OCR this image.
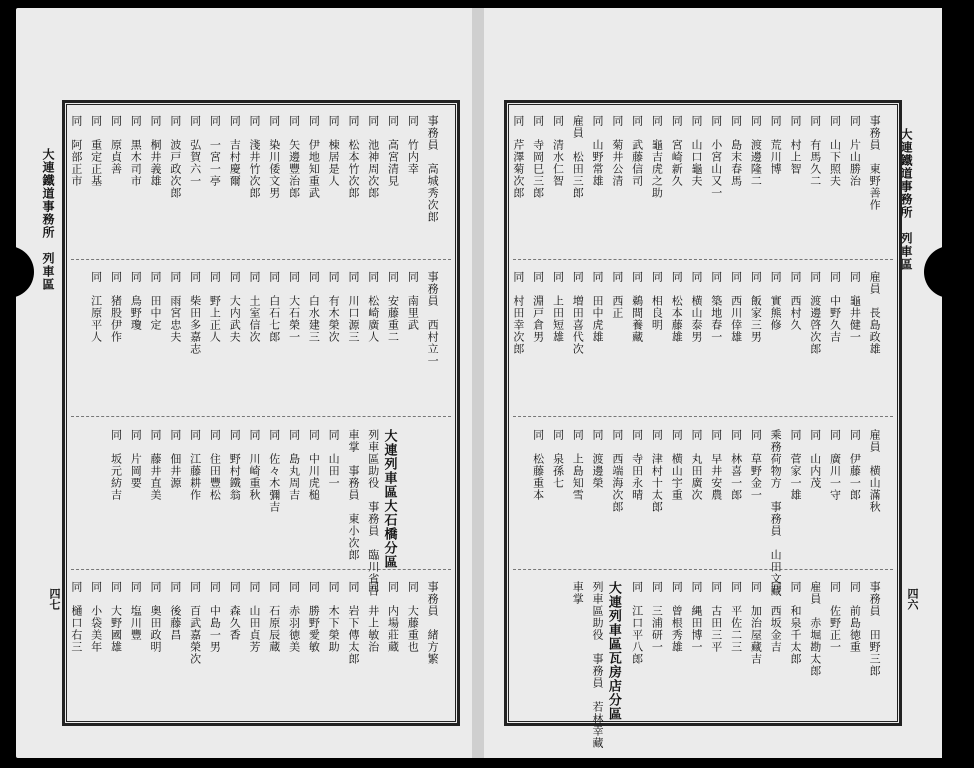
大連鐵道事務所　列車區
四七
事務員　高城秀次郎
事務員　西村立一
事務員　緒方繁
同　竹内幸
同　南里武
同　大藤重也
同　高宮清見
同　安藤重二
大連列車區大石橋分區
同　内場莊蔵
同　池神周次郎
同　松崎廣人
列車區助役　事務員　臨川省吾
同　井上敏治
同　松本竹次郎
同　川口源三
車掌　事務員　東小次郎
同　岩下傳太郎
同　棟居是人
同　有木榮次
同　山田一
同　木下榮助
同　伊地知重武
同　白水建三
同　中川虎槌
同　勝野愛敏
同　矢邊豐治郎
同　大石榮一
同　島丸周吉
同　赤羽徳美
同　染川倭文男
同　白石七郎
同　佐々木彌吉
同　石原辰蔵
同　淺井竹次郎
同　土室信次
同　川崎重秋
同　山田貞芳
同　吉村慶爾
同　大内武夫
同　野村鐵翁
同　森久香
同　一宮一亭
同　野上正人
同　住田豐松
同　中島一男
同　弘賀六一
同　柴田多嘉志
同　江藤耕作
同　百武嘉榮次
同　波戸政次郎
同　雨宮忠夫
同　佃井源
同　後藤昌
同　桐井義雄
同　田中定
同　藤井直美
同　奥田政明
同　黒木司市
同　鳥野瓊
同　片岡要
同　塩川豐
同　原貞善
同　猪股伊作
同　坂元紡吉
同　大野國雄
同　重定正基
同　江原平人
同　小袋美年
同　阿部正市
同　樋口右三
大連鐵道事務所　列車區
四六
事務員　東野善作
雇員　長島政雄
雇員　横山滿秋
事務員　田野三郎
同　片山勝治
同　龜井健一
同　伊藤一郎
同　前島徳重
同　山下照夫
同　中野久吉
同　廣川一守
同　佐野正一
同　有馬久二
同　渡邊啓次郎
同　山内茂
雇員　赤堀勘太郎
同　村上智
同　西村久
同　菅家一雄
同　和泉千太郎
同　荒川博
同　實熊修
乘務荷物方　事務員　山田文藏
同　西坂金吉
同　渡邊隆二
同　飯家三男
同　草野金一
同　加治屋藏吉
同　島末春馬
同　西川倖雄
同　林喜一郎
同　平佐二三
同　小宮山又一
同　築地春一
同　早井安農
同　古田三平
同　山口龜夫
同　横山泰男
同　丸田廣次
同　縄田博一
同　宮崎新久
同　松本藤雄
同　横山宇重
同　曾根秀雄
同　龜吉虎之助
同　相良明
同　津村十太郎
同　三浦研一
同　武藤信司
同　鵜間養藏
同　寺田永晴
同　江口平八郎
同　菊井公清
同　西正
同　西端海次郎
大連列車區瓦房店分區
同　山野常雄
同　田中虎雄
同　渡邊榮
列車區助役　事務員　若林幸藏
雇員　松田三郎
同　増田喜代次
同　上島知雪
車掌
同　清水仁智
同　上田短雄
同　泉孫七
同　寺岡巳三郎
同　淵戸倉男
同　松藤重本
同　芹澤菊次郎
同　村田幸次郎
